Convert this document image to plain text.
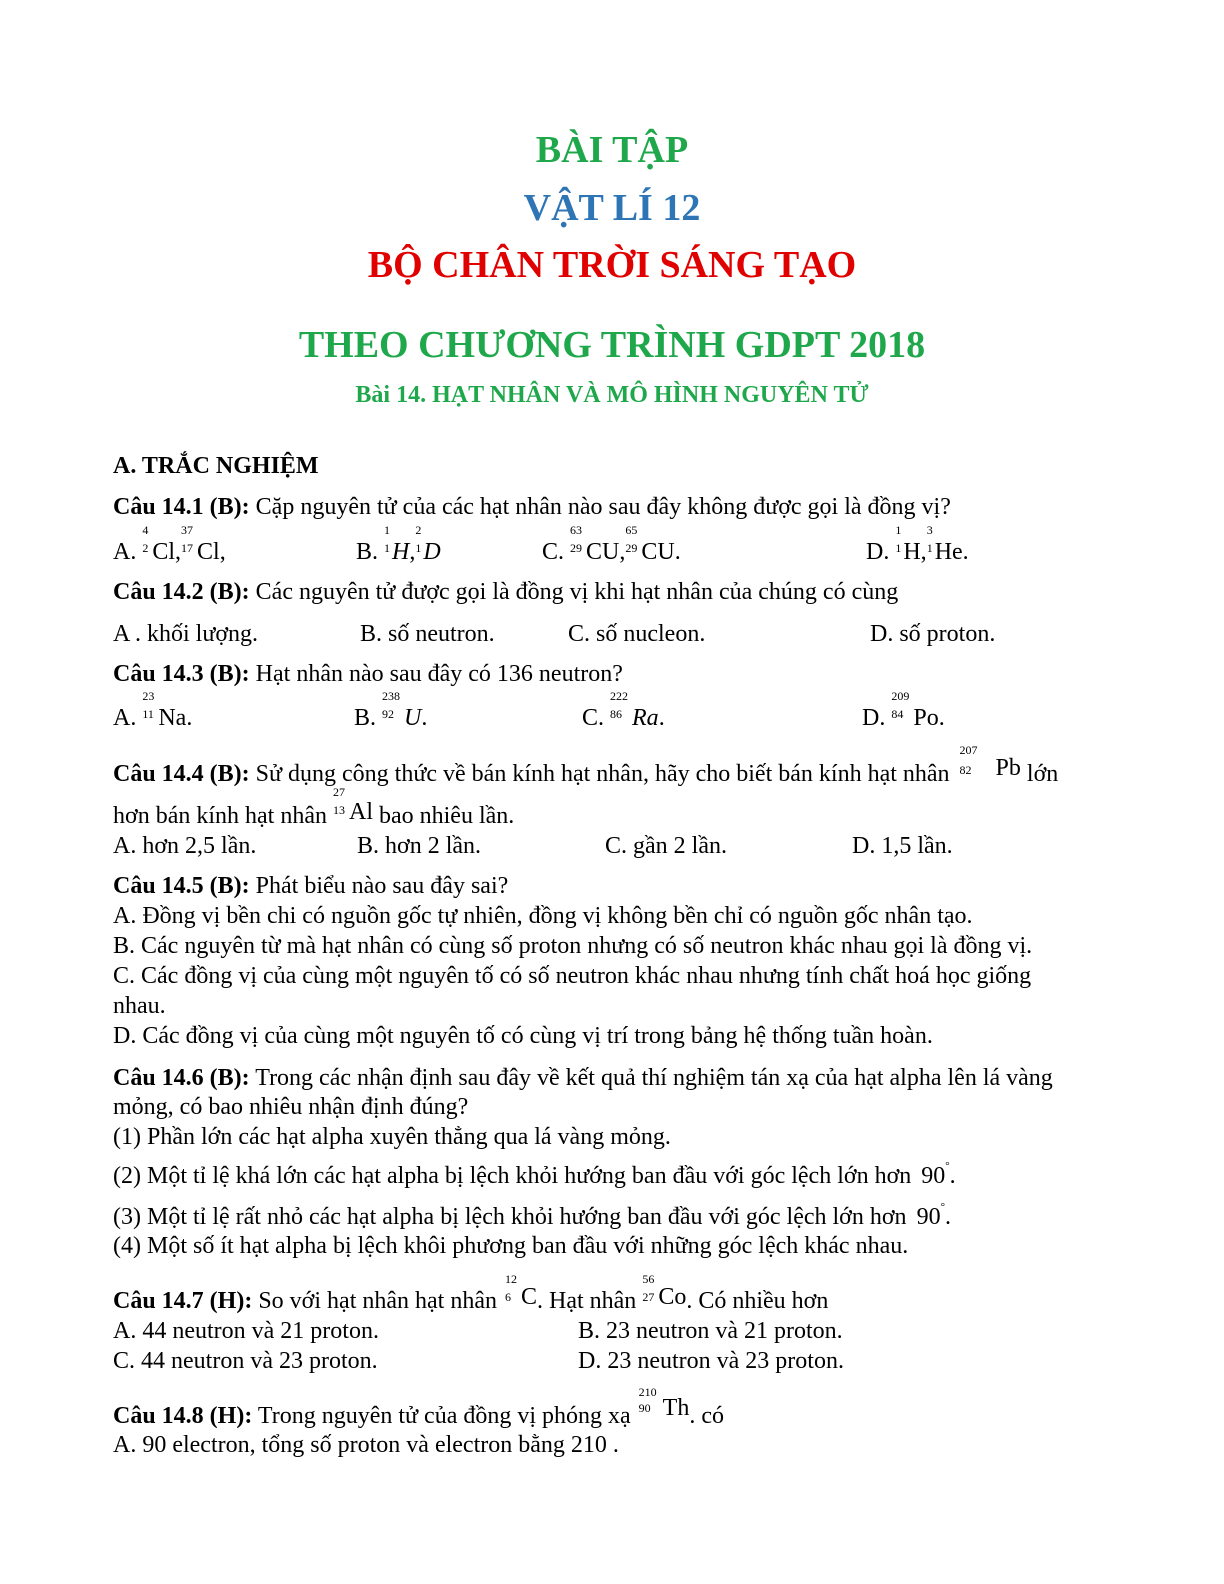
BÀI TẬP
VẬT LÍ 12
BỘ CHÂN TRỜI SÁNG TẠO
THEO CHƯƠNG TRÌNH GDPT 2018
Bài 14. HẠT NHÂN VÀ MÔ HÌNH NGUYÊN TỬ
A. TRẮC NGHIỆM
Câu 14.1 (B): Cặp nguyên tử của các hạt nhân nào sau đây không được gọi là đồng vị?
A.
4
2 Cl,
37
17 Cl,	B.
1
1 H,
2
1 D	C.
63
29 CU,
65
29 CU.	D.
1
1 H,
3
1 He.
Câu 14.2 (B): Các nguyên tử được gọi là đồng vị khi hạt nhân của chúng có cùng
A . khối lượng.	B. số neutron.	C. số nucleon.	D. số proton.
Câu 14.3 (B): Hạt nhân nào sau đây có 136 neutron?
A.
23
11 Na.	B.
238
92 U.	C.
222
86 Ra.	D.
209
84 Po.
Câu 14.4 (B): Sử dụng công thức về bán kính hạt nhân, hãy cho biết bán kính hạt nhân
207
82 Pb lớn
hơn bán kính hạt nhân
27
13 Al bao nhiêu lần.
A. hơn 2,5 lần.	B. hơn 2 lần.	C. gần 2 lần.	D. 1,5 lần.
Câu 14.5 (B): Phát biểu nào sau đây sai?
A. Đồng vị bền chi có nguồn gốc tự nhiên, đồng vị không bền chỉ có nguồn gốc nhân tạo.
B. Các nguyên từ mà hạt nhân có cùng số proton nhưng có số neutron khác nhau gọi là đồng vị.
C. Các đồng vị của cùng một nguyên tố có số neutron khác nhau nhưng tính chất hoá học giống
nhau.
D. Các đồng vị của cùng một nguyên tố có cùng vị trí trong bảng hệ thống tuần hoàn.
Câu 14.6 (B): Trong các nhận định sau đây về kết quả thí nghiệm tán xạ của hạt alpha lên lá vàng
mỏng, có bao nhiêu nhận định đúng?
(1) Phần lớn các hạt alpha xuyên thẳng qua lá vàng mỏng.
(2) Một tỉ lệ khá lớn các hạt alpha bị lệch khỏi hướng ban đầu với góc lệch lớn hơn 90°.
(3) Một tỉ lệ rất nhỏ các hạt alpha bị lệch khỏi hướng ban đầu với góc lệch lớn hơn 90°.
(4) Một số ít hạt alpha bị lệch khôi phương ban đầu với những góc lệch khác nhau.
Câu 14.7 (H): So với hạt nhân hạt nhân
12
6 C. Hạt nhân
56
27 Co. Có nhiều hơn
A. 44 neutron và 21 proton.	B. 23 neutron và 21 proton.
C. 44 neutron và 23 proton.	D. 23 neutron và 23 proton.
Câu 14.8 (H): Trong nguyên tử của đồng vị phóng xạ
210
90 Th. có
A. 90 electron, tổng số proton và electron bằng 210 .
